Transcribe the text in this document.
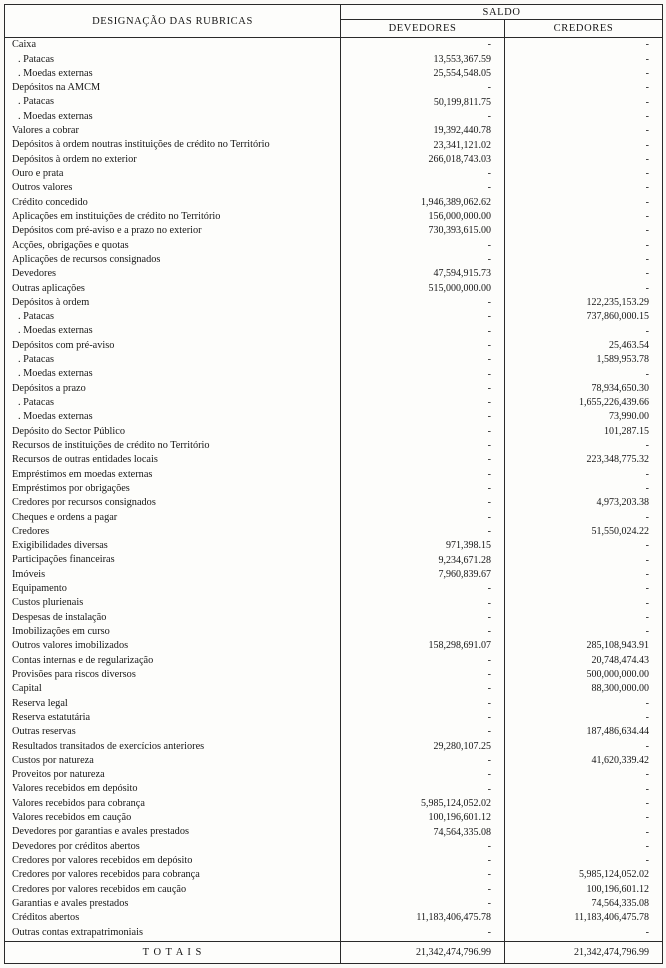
DESIGNAÇÃO DAS RUBRICAS	SALDO	
	DEVEDORES	CREDORES
Caixa	-	-
. Patacas	13,553,367.59	-
. Moedas externas	25,554,548.05	-
Depósitos na AMCM	-	-
. Patacas	50,199,811.75	-
. Moedas externas	-	-
Valores a cobrar	19,392,440.78	-
Depósitos à ordem noutras instituições de crédito no Território	23,341,121.02	-
Depósitos à ordem no exterior	266,018,743.03	-
Ouro e prata	-	-
Outros valores	-	-
Crédito concedido	1,946,389,062.62	-
Aplicações em instituições de crédito no Território	156,000,000.00	-
Depósitos com pré-aviso e a prazo no exterior	730,393,615.00	-
Acções, obrigações e quotas	-	-
Aplicações de recursos consignados	-	-
Devedores	47,594,915.73	-
Outras aplicações	515,000,000.00	-
Depósitos à ordem	-	122,235,153.29
. Patacas	-	737,860,000.15
. Moedas externas	-	-
Depósitos com pré-aviso	-	25,463.54
. Patacas	-	1,589,953.78
. Moedas externas	-	-
Depósitos a prazo	-	78,934,650.30
. Patacas	-	1,655,226,439.66
. Moedas externas	-	73,990.00
Depósito do Sector Público	-	101,287.15
Recursos de instituições de crédito no Território	-	-
Recursos de outras entidades locais	-	223,348,775.32
Empréstimos em moedas externas	-	-
Empréstimos por obrigações	-	-
Credores por recursos consignados	-	4,973,203.38
Cheques e ordens a pagar	-	-
Credores	-	51,550,024.22
Exigibilidades diversas	971,398.15	-
Participações financeiras	9,234,671.28	-
Imóveis	7,960,839.67	-
Equipamento	-	-
Custos plurienais	-	-
Despesas de instalação	-	-
Imobilizações em curso	-	-
Outros valores imobilizados	158,298,691.07	285,108,943.91
Contas internas e de regularização	-	20,748,474.43
Provisões para riscos diversos	-	500,000,000.00
Capital	-	88,300,000.00
Reserva legal	-	-
Reserva estatutária	-	-
Outras reservas	-	187,486,634.44
Resultados transitados de exercícios anteriores	29,280,107.25	-
Custos por natureza	-	41,620,339.42
Proveitos por natureza	-	-
Valores recebidos em depósito	-	-
Valores recebidos para cobrança	5,985,124,052.02	-
Valores recebidos em caução	100,196,601.12	-
Devedores por garantias e avales prestados	74,564,335.08	-
Devedores por créditos abertos	-	-
Credores por valores recebidos em depósito	-	-
Credores por valores recebidos para cobrança	-	5,985,124,052.02
Credores por valores recebidos em caução	-	100,196,601.12
Garantias e avales prestados	-	74,564,335.08
Créditos abertos	11,183,406,475.78	11,183,406,475.78
Outras contas extrapatrimoniais	-	-
T O T A I S	21,342,474,796.99	21,342,474,796.99
